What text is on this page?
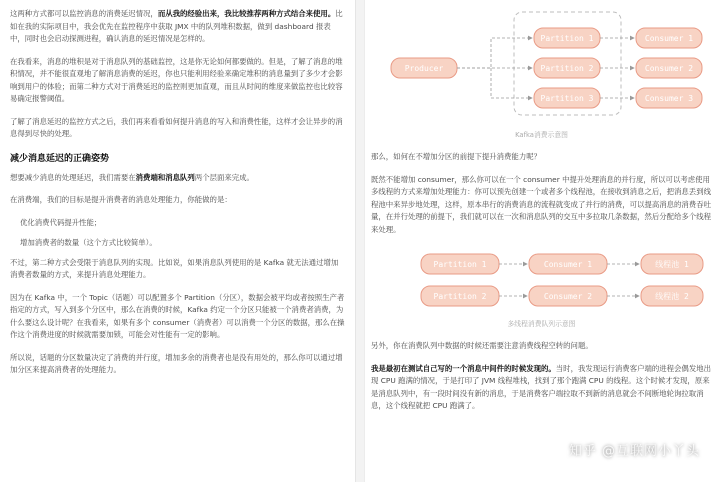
这两种方式都可以监控消息的消费延迟情况，而从我的经验出来，我比较推荐两种方式结合来使用。比如在我的实际项目中，我会优先在监控程序中获取 JMX 中的队列堆积数据，做到 dashboard 报表中，同时也会启动探测进程，确认消息的延迟情况是怎样的。

在我看来，消息的堆积是对于消息队列的基础监控，这是你无论如何都要做的。但是，了解了消息的堆积情况，并不能很直观地了解消息消费的延迟，你也只能利用经验来确定堆积的消息量到了多少才会影响到用户的体验；而第二种方式对于消费延迟的监控则更加直观，而且从时间的维度来做监控也比较容易确定报警阈值。

了解了消息延迟的监控方式之后，我们再来看看如何提升消息的写入和消费性能，这样才会让异步的消息得到尽快的处理。

减少消息延迟的正确姿势

想要减少消息的处理延迟，我们需要在消费端和消息队列两个层面来完成。

在消费端，我们的目标是提升消费者的消息处理能力，你能做的是：

优化消费代码提升性能；
增加消费者的数量（这个方式比较简单）。

不过，第二种方式会受限于消息队列的实现。比如说，如果消息队列使用的是 Kafka 就无法通过增加消费者数量的方式，来提升消息处理能力。

因为在 Kafka 中，一个 Topic（话题）可以配置多个 Partition（分区），数据会被平均或者按照生产者指定的方式，写入到多个分区中，那么在消费的时候，Kafka 约定一个分区只能被一个消费者消费，为什么要这么设计呢？在我看来，如果有多个 consumer（消费者）可以消费一个分区的数据，那么在操作这个消费进度的时候就需要加锁，可能会对性能有一定的影响。

所以说，话题的分区数量决定了消费的并行度，增加多余的消费者也是没有用处的，那么你可以通过增加分区来提高消费者的处理能力。

Producer
Partition 1
Partition 2
Partition 3
Consumer 1
Consumer 2
Consumer 3
Kafka消费示意图

那么，如何在不增加分区的前提下提升消费能力呢？

既然不能增加 consumer，那么你可以在一个 consumer 中提升处理消息的并行度，所以可以考虑使用多线程的方式来增加处理能力：你可以预先创建一个或者多个线程池，在接收到消息之后，把消息丢到线程池中来异步地处理，这样，原本串行的消费消息的流程就变成了并行的消费，可以提高消息的消费吞吐量，在并行处理的前提下，我们就可以在一次和消息队列的交互中多拉取几条数据，然后分配给多个线程来处理。

Partition 1
Partition 2
Consumer 1
Consumer 2
线程池 1
线程池 2
多线程消费队列示意图

另外，你在消费队列中数据的时候还需要注意消费线程空转的问题。

我是最初在测试自己写的一个消息中间件的时候发现的。当时，我发现运行消费客户端的进程会偶发地出现 CPU 跑满的情况，于是打印了 JVM 线程堆栈，找到了那个跑满 CPU 的线程。这个时候才发现，原来是消息队列中，有一段时间没有新的消息，于是消费客户端拉取不到新的消息就会不间断地轮询拉取消息，这个线程就把 CPU 跑满了。

知乎 @互联网小丫头
